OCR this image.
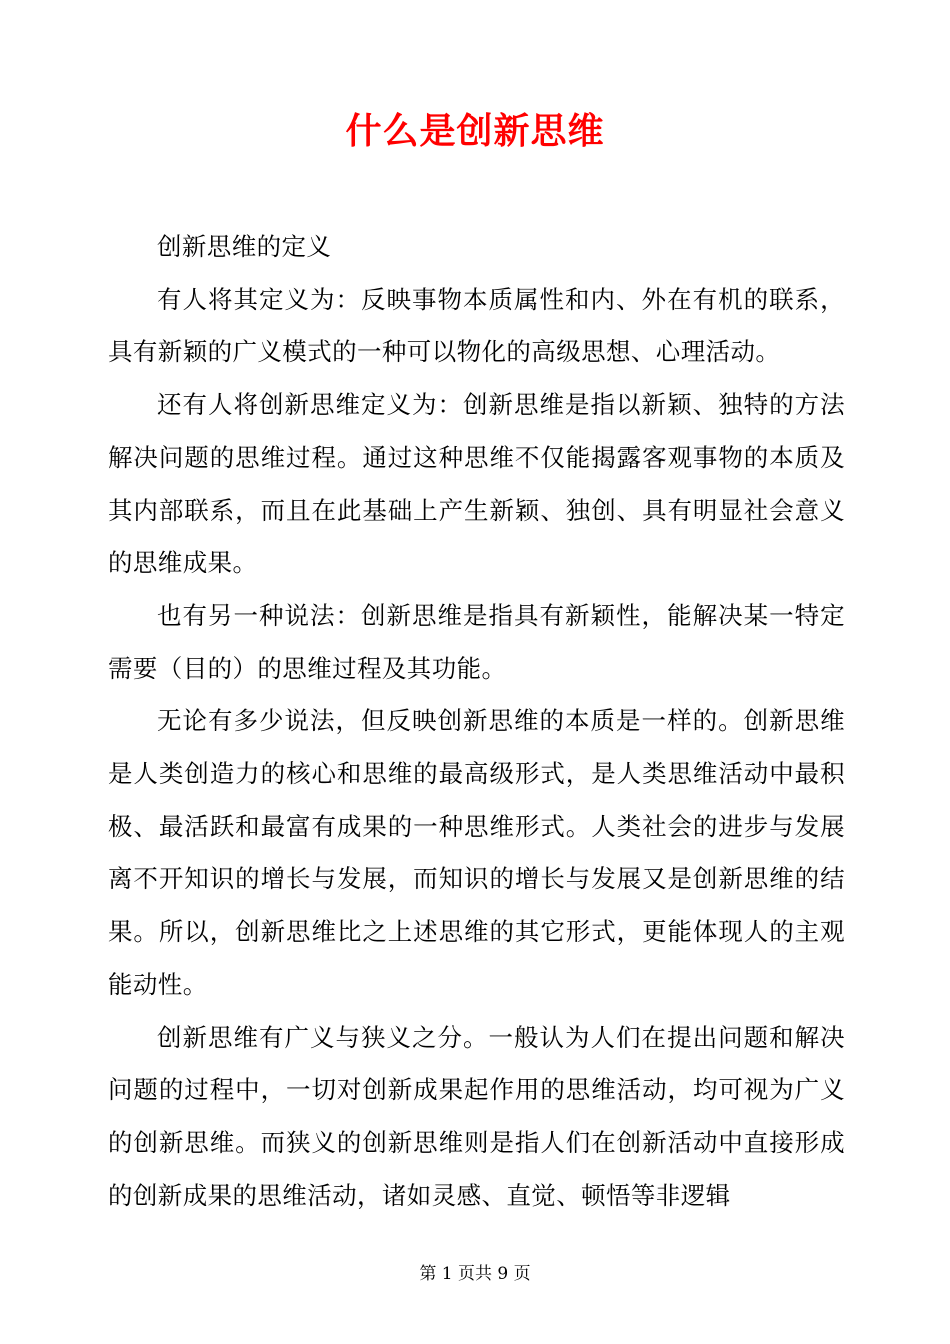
什么是创新思维

创新思维的定义

有人将其定义为：反映事物本质属性和内、外在有机的联系，具有新颖的广义模式的一种可以物化的高级思想、心理活动。

还有人将创新思维定义为：创新思维是指以新颖、独特的方法解决问题的思维过程。通过这种思维不仅能揭露客观事物的本质及其内部联系，而且在此基础上产生新颖、独创、具有明显社会意义的思维成果。

也有另一种说法：创新思维是指具有新颖性，能解决某一特定需要（目的）的思维过程及其功能。

无论有多少说法，但反映创新思维的本质是一样的。创新思维是人类创造力的核心和思维的最高级形式，是人类思维活动中最积极、最活跃和最富有成果的一种思维形式。人类社会的进步与发展离不开知识的增长与发展，而知识的增长与发展又是创新思维的结果。所以，创新思维比之上述思维的其它形式，更能体现人的主观能动性。

创新思维有广义与狭义之分。一般认为人们在提出问题和解决问题的过程中，一切对创新成果起作用的思维活动，均可视为广义的创新思维。而狭义的创新思维则是指人们在创新活动中直接形成的创新成果的思维活动，诸如灵感、直觉、顿悟等非逻辑

第 1 页共 9 页
